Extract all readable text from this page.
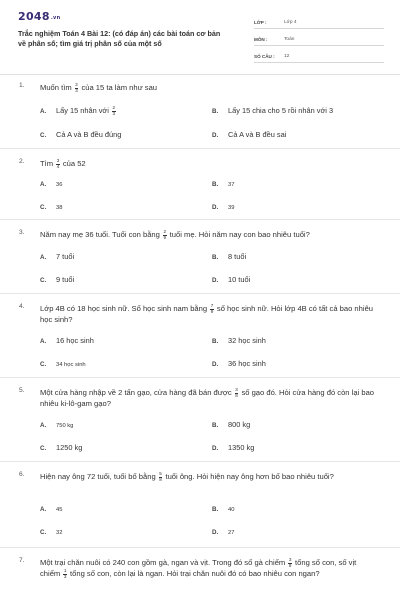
2048.vn
Trắc nghiệm Toán 4 Bài 12: (có đáp án) các bài toán cơ bản về phân số; tìm giá trị phân số của một số
LỚP :	Lớp 4
MÔN :	Toán
SỐ CÂU :	12
1. Muốn tìm $\frac{2}{3}$ của 15 ta làm như sau
A. Lấy 15 nhân với $\frac{2}{3}$	B. Lấy 15 chia cho 5 rồi nhân với 3
C. Cả A và B đều đúng	D. Cả A và B đều sai
2. Tìm $\frac{3}{4}$ của 52
A. 36	B. 37
C. 38	D. 39
3. Năm nay mẹ 36 tuổi. Tuổi con bằng $\frac{2}{9}$ tuổi mẹ. Hỏi năm nay con bao nhiêu tuổi?
A. 7 tuổi	B. 8 tuổi
C. 9 tuổi	D. 10 tuổi
4. Lớp 4B có 18 học sinh nữ. Số học sinh nam bằng $\frac{7}{9}$ số học sinh nữ. Hỏi lớp 4B có tất cả bao nhiêu học sinh?
A. 16 học sinh	B. 32 học sinh
C. 34 học sinh	D. 36 học sinh
5. Một cửa hàng nhập về 2 tấn gạo, cửa hàng đã bán được $\frac{3}{8}$ số gạo đó. Hỏi cửa hàng đó còn lại bao nhiêu ki-lô-gam gạo?
A. 750 kg	B. 800 kg
C. 1250 kg	D. 1350 kg
6. Hiện nay ông 72 tuổi, tuổi bố bằng $\frac{5}{8}$ tuổi ông. Hỏi hiện nay ông hơn bố bao nhiêu tuổi?
A. 45	B. 40
C. 32	D. 27
7. Một trại chăn nuôi có 240 con gồm gà, ngan và vịt. Trong đó số gà chiếm $\frac{3}{8}$ tổng số con, số vịt chiếm $\frac{1}{3}$ tổng số con, còn lại là ngan. Hỏi trại chăn nuôi đó có bao nhiêu con ngan?
